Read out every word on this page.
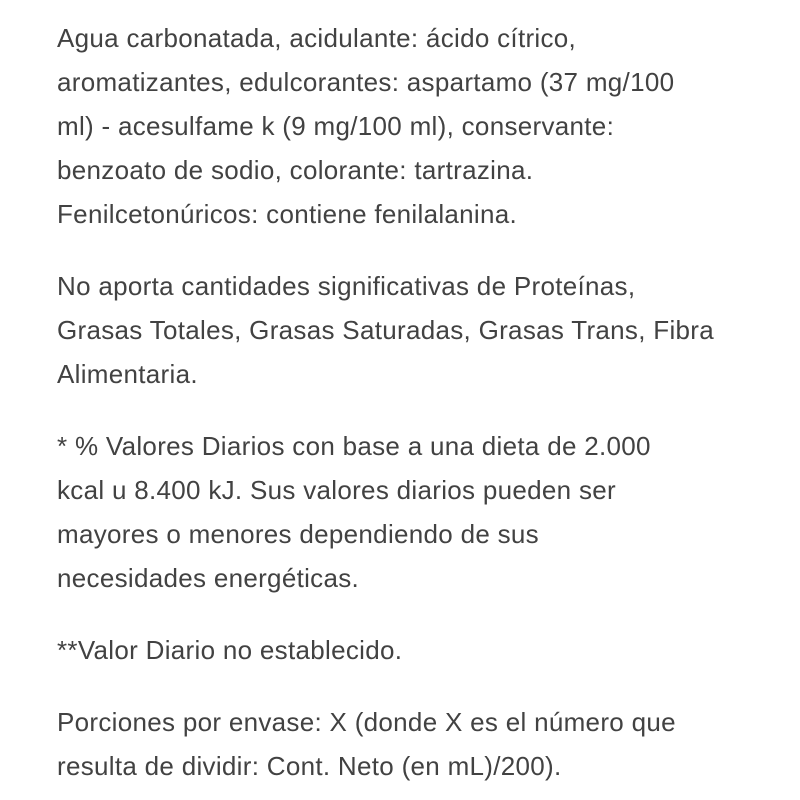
Agua carbonatada, acidulante: ácido cítrico,
aromatizantes, edulcorantes: aspartamo (37 mg/100
ml) - acesulfame k (9 mg/100 ml), conservante:
benzoato de sodio, colorante: tartrazina.
Fenilcetonúricos: contiene fenilalanina.
No aporta cantidades significativas de Proteínas,
Grasas Totales, Grasas Saturadas, Grasas Trans, Fibra
Alimentaria.
* % Valores Diarios con base a una dieta de 2.000
kcal u 8.400 kJ. Sus valores diarios pueden ser
mayores o menores dependiendo de sus
necesidades energéticas.
**Valor Diario no establecido.
Porciones por envase: X (donde X es el número que
resulta de dividir: Cont. Neto (en mL)/200).
